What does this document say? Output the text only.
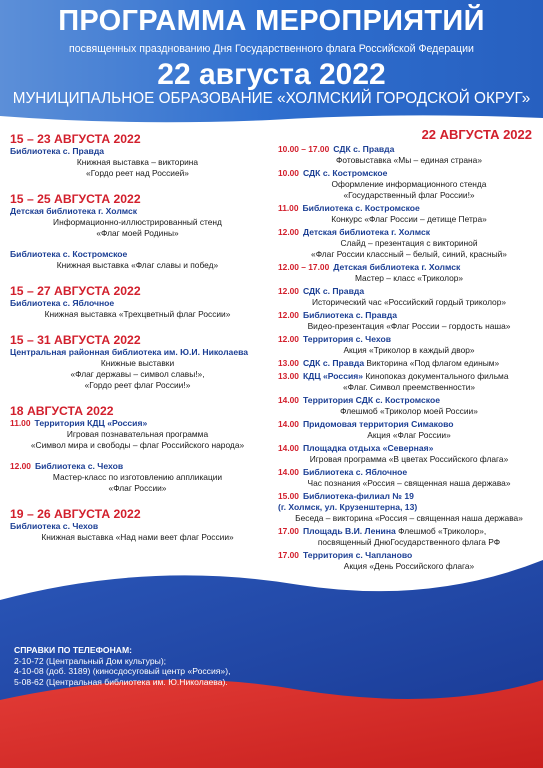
ПРОГРАММА МЕРОПРИЯТИЙ
посвященных празднованию Дня Государственного флага Российской Федерации
22 августа 2022
МУНИЦИПАЛЬНОЕ ОБРАЗОВАНИЕ «ХОЛМСКИЙ ГОРОДСКОЙ ОКРУГ»
15 – 23 АВГУСТА 2022
Библиотека с. Правда
Книжная выставка – викторина
«Гордо реет над Россией»
15 – 25 АВГУСТА 2022
Детская библиотека г. Холмск
Информационно-иллюстрированный стенд
«Флаг моей Родины»
Библиотека с. Костромское
Книжная выставка «Флаг славы и побед»
15 – 27 АВГУСТА 2022
Библиотека с. Яблочное
Книжная выставка «Трехцветный флаг России»
15 – 31 АВГУСТА 2022
Центральная районная библиотека им. Ю.И. Николаева
Книжные выставки
«Флаг державы – символ славы!»,
«Гордо реет флаг России!»
18 АВГУСТА 2022
11.00 Территория КДЦ «Россия»
Игровая познавательная программа
«Символ мира и свободы – флаг Российского народа»
12.00 Библиотека с. Чехов
Мастер-класс по изготовлению аппликации
«Флаг России»
19 – 26 АВГУСТА 2022
Библиотека с. Чехов
Книжная выставка «Над нами веет флаг России»
22 АВГУСТА 2022
10.00 – 17.00 СДК с. Правда
Фотовыставка «Мы – единая страна»
10.00 СДК с. Костромское
Оформление информационного стенда
«Государственный флаг России!»
11.00 Библиотека с. Костромское
Конкурс «Флаг России – детище Петра»
12.00 Детская библиотека г. Холмск
Слайд – презентация с викториной
«Флаг России классный – белый, синий, красный»
12.00 – 17.00 Детская библиотека г. Холмск
Мастер – класс «Триколор»
12.00 СДК с. Правда
Исторический час «Российский гордый триколор»
12.00 Библиотека с. Правда
Видео-презентация «Флаг России – гордость наша»
12.00 Территория с. Чехов
Акция «Триколор в каждый двор»
13.00 СДК с. Правда Викторина «Под флагом единым»
13.00 КДЦ «Россия» Кинопоказ документального фильма
«Флаг. Символ преемственности»
14.00 Территория СДК с. Костромское
Флешмоб «Триколор моей России»
14.00 Придомовая территория Симаково
Акция «Флаг России»
14.00 Площадка отдыха «Северная»
Игровая программа «В цветах Российского флага»
14.00 Библиотека с. Яблочное
Час познания «Россия – священная наша держава»
15.00 Библиотека-филиал № 19
(г. Холмск, ул. Крузенштерна, 13)
Беседа – викторина «Россия – священная наша держава»
17.00 Площадь В.И. Ленина Флешмоб «Триколор»,
посвященный ДнюГосударственного флага РФ
17.00 Территория с. Чапланово
Акция «День Российского флага»
СПРАВКИ ПО ТЕЛЕФОНАМ:
2-10-72 (Центральный Дом культуры);
4-10-08 (доб. 3189) (киносдосуговый центр «Россия»),
5-08-62 (Центральная библиотека им. Ю.Николаева).
